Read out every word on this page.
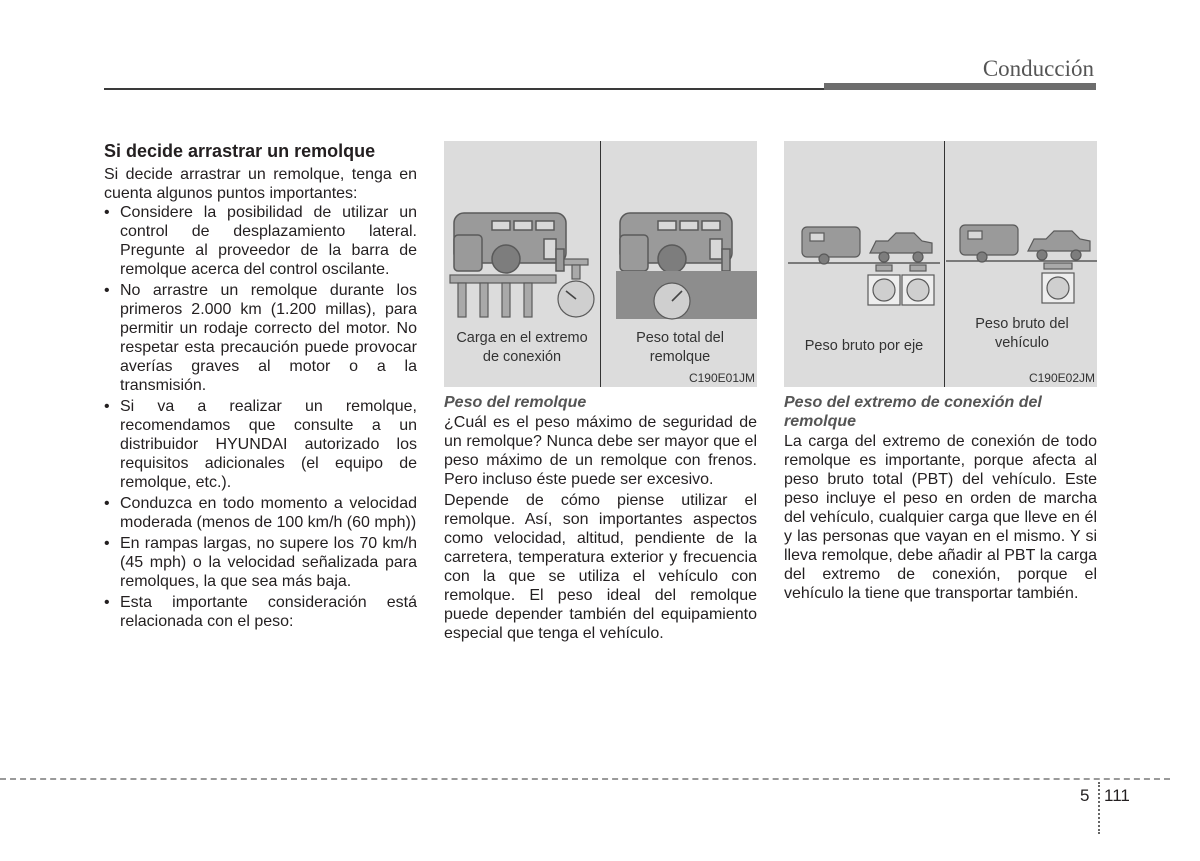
Conducción
Si decide arrastrar un remolque

Si decide arrastrar un remolque, tenga en cuenta algunos puntos importantes:

• Considere la posibilidad de utilizar un control de desplazamiento lateral. Pregunte al proveedor de la barra de remolque acerca del control oscilante.
• No arrastre un remolque durante los primeros 2.000 km (1.200 millas), para permitir un rodaje correcto del motor. No respetar esta precaución puede provocar averías graves al motor o a la transmisión.
• Si va a realizar un remolque, recomendamos que consulte a un distribuidor HYUNDAI autorizado los requisitos adicionales (el equipo de remolque, etc.).
• Conduzca en todo momento a velocidad moderada (menos de 100 km/h (60 mph))
• En rampas largas, no supere los 70 km/h (45 mph) o la velocidad señalizada para remolques, la que sea más baja.
• Esta importante consideración está relacionada con el peso:
Carga en el extremo de conexión
Peso total del remolque
C190E01JM
Peso bruto por eje
Peso bruto del vehículo
C190E02JM
Peso del remolque

¿Cuál es el peso máximo de seguridad de un remolque? Nunca debe ser mayor que el peso máximo de un remolque con frenos. Pero incluso éste puede ser excesivo.

Depende de cómo piense utilizar el remolque. Así, son importantes aspectos como velocidad, altitud, pendiente de la carretera, temperatura exterior y frecuencia con la que se utiliza el vehículo con remolque. El peso ideal del remolque puede depender también del equipamiento especial que tenga el vehículo.

Peso del extremo de conexión del remolque

La carga del extremo de conexión de todo remolque es importante, porque afecta al peso bruto total (PBT) del vehículo. Este peso incluye el peso en orden de marcha del vehículo, cualquier carga que lleve en él y las personas que vayan en el mismo. Y si lleva remolque, debe añadir al PBT la carga del extremo de conexión, porque el vehículo la tiene que transportar también.

5 111
